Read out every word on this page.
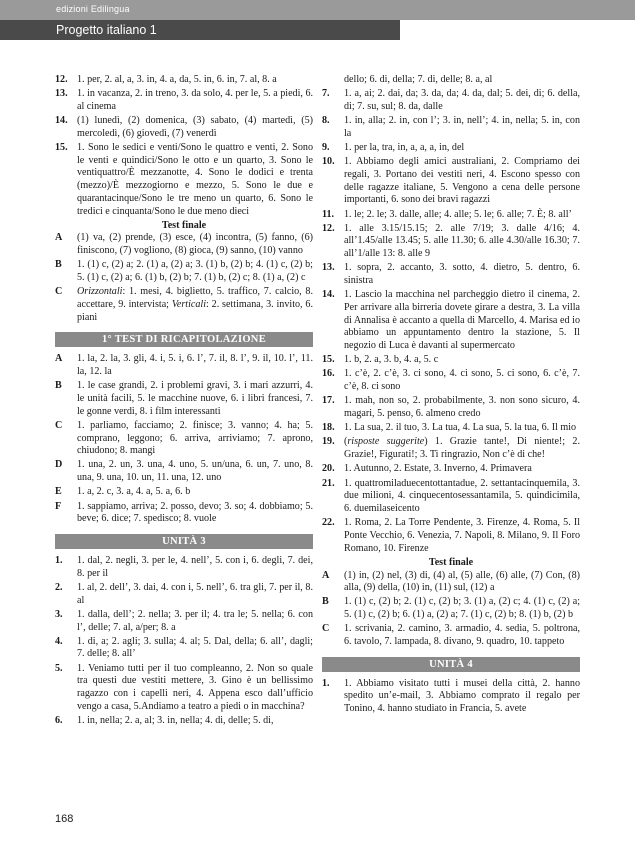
edizioni Edilingua
Progetto italiano 1
12. 1. per, 2. al, a, 3. in, 4. a, da, 5. in, 6. in, 7. al, 8. a
13. 1. in vacanza, 2. in treno, 3. da solo, 4. per le, 5. a piedi, 6. al cinema
14. (1) lunedì, (2) domenica, (3) sabato, (4) martedì, (5) mercoledì, (6) giovedì, (7) venerdì
15. 1. Sono le sedici e venti/Sono le quattro e venti, 2. Sono le venti e quindici/Sono le otto e un quarto, 3. Sono le ventiquattro/È mezzanotte, 4. Sono le dodici e trenta (mezzo)/È mezzogiorno e mezzo, 5. Sono le due e quarantacinque/Sono le tre meno un quarto, 6. Sono le tredici e cinquanta/Sono le due meno dieci
Test finale
A	(1) va, (2) prende, (3) esce, (4) incontra, (5) fanno, (6) finiscono, (7) vogliono, (8) gioca, (9) sanno, (10) vanno
B	1. (1) c, (2) a; 2. (1) a, (2) a; 3. (1) b, (2) b; 4. (1) c, (2) b; 5. (1) c, (2) a; 6. (1) b, (2) b; 7. (1) b, (2) c; 8. (1) a, (2) c
C	Orizzontali: 1. mesi, 4. biglietto, 5. traffico, 7. calcio, 8. accettare, 9. intervista; Verticali: 2. settimana, 3. invito, 6. piani
1° TEST DI RICAPITOLAZIONE
A	1. la, 2. la, 3. gli, 4. i, 5. i, 6. l’, 7. il, 8. l’, 9. il, 10. l’, 11. la, 12. la
B	1. le case grandi, 2. i problemi gravi, 3. i mari azzurri, 4. le unità facili, 5. le macchine nuove, 6. i libri francesi, 7. le gonne verdi, 8. i film interessanti
C	1. parliamo, facciamo; 2. finisce; 3. vanno; 4. ha; 5. comprano, leggono; 6. arriva, arriviamo; 7. aprono, chiudono; 8. mangi
D	1. una, 2. un, 3. una, 4. uno, 5. un/una, 6. un, 7. uno, 8. una, 9. una, 10. un, 11. una, 12. uno
E	1. a, 2. c, 3. a, 4. a, 5. a, 6. b
F	1. sappiamo, arriva; 2. posso, devo; 3. so; 4. dobbiamo; 5. beve; 6. dice; 7. spedisco; 8. vuole
UNITÀ 3
1.	1. dal, 2. negli, 3. per le, 4. nell’, 5. con i, 6. degli, 7. dei, 8. per il
2.	1. al, 2. dell’, 3. dai, 4. con i, 5. nell’, 6. tra gli, 7. per il, 8. al
3.	1. dalla, dell’; 2. nella; 3. per il; 4. tra le; 5. nella; 6. con l’, delle; 7. al, a/per; 8. a
4.	1. di, a; 2. agli; 3. sulla; 4. al; 5. Dal, della; 6. all’, dagli; 7. delle; 8. all’
5.	1. Veniamo tutti per il tuo compleanno, 2. Non so quale tra questi due vestiti mettere, 3. Gino è un bellissimo ragazzo con i capelli neri, 4. Appena esco dall’ufficio vengo a casa, 5.Andiamo a teatro a piedi o in macchina?
6.	1. in, nella; 2. a, al; 3. in, nella; 4. di, delle; 5. di,
dello; 6. di, della; 7. di, delle; 8. a, al
7.	1. a, ai; 2. dai, da; 3. da, da; 4. da, dal; 5. dei, di; 6. della, di; 7. su, sul; 8. da, dalle
8.	1. in, alla; 2. in, con l’; 3. in, nell’; 4. in, nella; 5. in, con la
9.	1. per la, tra, in, a, a, a, in, del
10. 1. Abbiamo degli amici australiani, 2. Compriamo dei regali, 3. Portano dei vestiti neri, 4. Escono spesso con delle ragazze italiane, 5. Vengono a cena delle persone importanti, 6. sono dei bravi ragazzi
11. 1. le; 2. le; 3. dalle, alle; 4. alle; 5. le; 6. alle; 7. È; 8. all’
12. 1. alle 3.15/15.15; 2. alle 7/19; 3. dalle 4/16; 4. all’1.45/alle 13.45; 5. alle 11.30; 6. alle 4.30/alle 16.30; 7. all’1/alle 13: 8. alle 9
13. 1. sopra, 2. accanto, 3. sotto, 4. dietro, 5. dentro, 6. sinistra
14. 1. Lascio la macchina nel parcheggio dietro il cinema, 2. Per arrivare alla birreria dovete girare a destra, 3. La villa di Annalisa è accanto a quella di Marcello, 4. Marisa ed io abbiamo un appuntamento dentro la stazione, 5. Il negozio di Luca è davanti al supermercato
15. 1. b, 2. a, 3. b, 4. a, 5. c
16. 1. c’è, 2. c’è, 3. ci sono, 4. ci sono, 5. ci sono, 6. c’è, 7. c’è, 8. ci sono
17. 1. mah, non so, 2. probabilmente, 3. non sono sicuro, 4. magari, 5. penso, 6. almeno credo
18. 1. La sua, 2. il tuo, 3. La tua, 4. La sua, 5. la tua, 6. Il mio
19. (risposte suggerite) 1. Grazie tante!, Di niente!; 2. Grazie!, Figurati!; 3. Ti ringrazio, Non c’è di che!
20. 1. Autunno, 2. Estate, 3. Inverno, 4. Primavera
21. 1. quattromiladuecentottantadue, 2. settantacinquemila, 3. due milioni, 4. cinquecentosessantamila, 5. quindicimila, 6. duemilaseicento
22. 1. Roma, 2. La Torre Pendente, 3. Firenze, 4. Roma, 5. Il Ponte Vecchio, 6. Venezia, 7. Napoli, 8. Milano, 9. Il Foro Romano, 10. Firenze
Test finale
A	(1) in, (2) nel, (3) di, (4) al, (5) alle, (6) alle, (7) Con, (8) alla, (9) della, (10) in, (11) sul, (12) a
B	1. (1) c, (2) b; 2. (1) c, (2) b; 3. (1) a, (2) c; 4. (1) c, (2) a; 5. (1) c, (2) b; 6. (1) a, (2) a; 7. (1) c, (2) b; 8. (1) b, (2) b
C	1. scrivania, 2. camino, 3. armadio, 4. sedia, 5. poltrona, 6. tavolo, 7. lampada, 8. divano, 9. quadro, 10. tappeto
UNITÀ 4
1.	1. Abbiamo visitato tutti i musei della città, 2. hanno spedito un’e-mail, 3. Abbiamo comprato il regalo per Tonino, 4. hanno studiato in Francia, 5. avete
168
